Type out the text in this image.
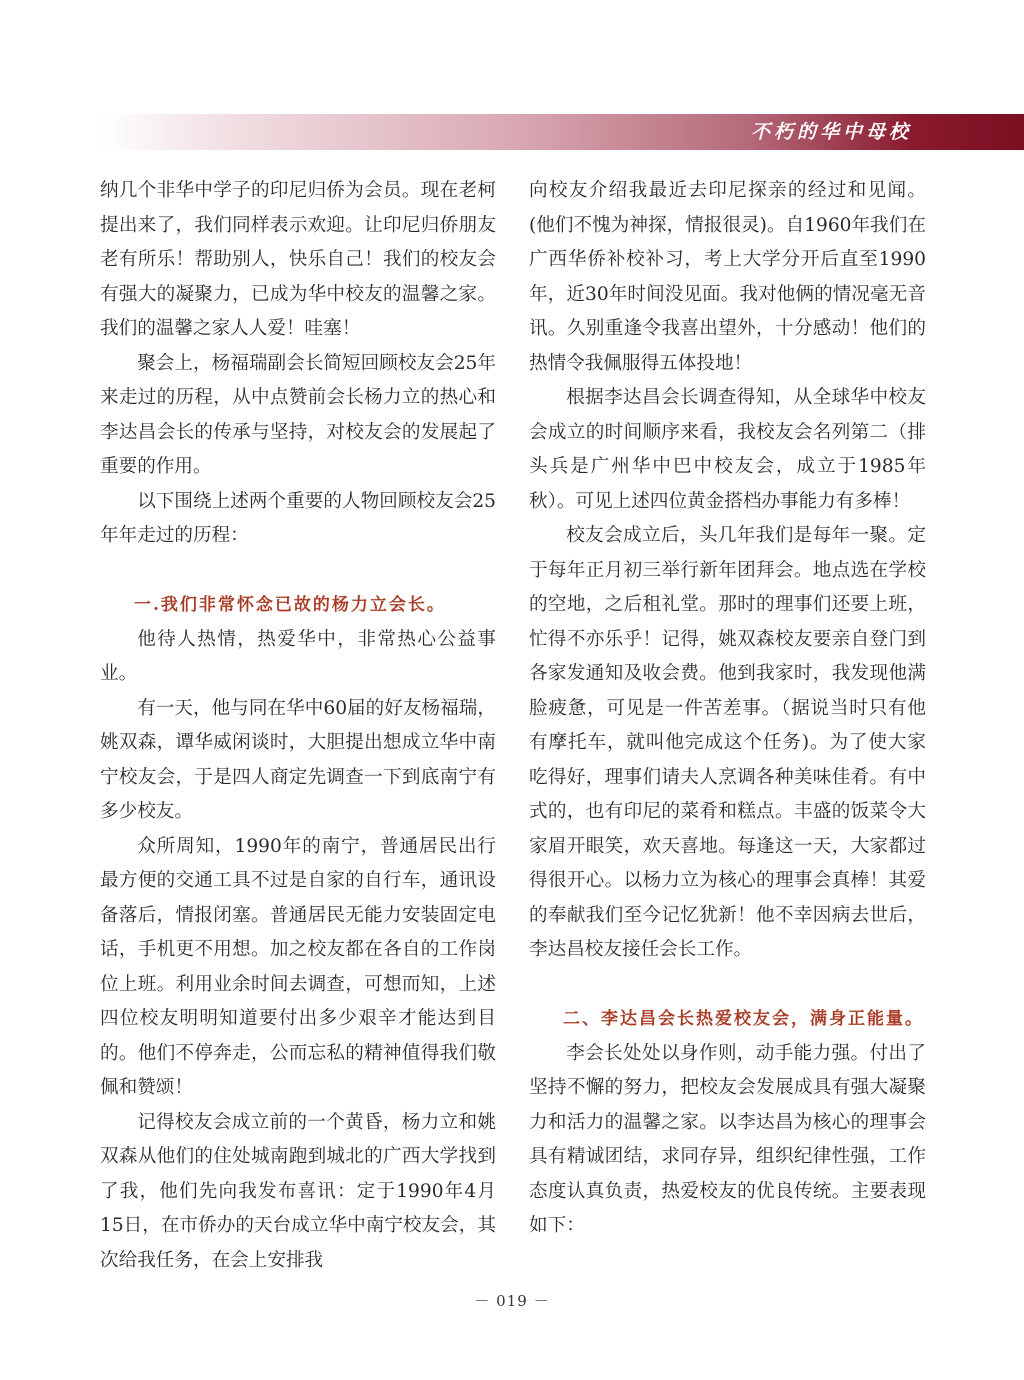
不朽的华中母校

纳几个非华中学子的印尼归侨为会员。现在老柯提出来了，我们同样表示欢迎。让印尼归侨朋友老有所乐！帮助别人，快乐自己！我们的校友会有强大的凝聚力，已成为华中校友的温馨之家。我们的温馨之家人人爱！哇塞！

聚会上，杨福瑞副会长简短回顾校友会25年来走过的历程，从中点赞前会长杨力立的热心和李达昌会长的传承与坚持，对校友会的发展起了重要的作用。

以下围绕上述两个重要的人物回顾校友会25年年走过的历程：

一.我们非常怀念已故的杨力立会长。

他待人热情，热爱华中，非常热心公益事业。

有一天，他与同在华中60届的好友杨福瑞，姚双森，谭华威闲谈时，大胆提出想成立华中南宁校友会，于是四人商定先调查一下到底南宁有多少校友。

众所周知，1990年的南宁，普通居民出行最方便的交通工具不过是自家的自行车，通讯设备落后，情报闭塞。普通居民无能力安装固定电话，手机更不用想。加之校友都在各自的工作岗位上班。利用业余时间去调查，可想而知，上述四位校友明明知道要付出多少艰辛才能达到目的。他们不停奔走，公而忘私的精神值得我们敬佩和赞颂！

记得校友会成立前的一个黄昏，杨力立和姚双森从他们的住处城南跑到城北的广西大学找到了我，他们先向我发布喜讯：定于1990年4月15日，在市侨办的天台成立华中南宁校友会，其次给我任务，在会上安排我

向校友介绍我最近去印尼探亲的经过和见闻。(他们不愧为神探，情报很灵)。自1960年我们在广西华侨补校补习，考上大学分开后直至1990年，近30年时间没见面。我对他俩的情况毫无音讯。久别重逢令我喜出望外，十分感动！他们的热情令我佩服得五体投地！

根据李达昌会长调查得知，从全球华中校友会成立的时间顺序来看，我校友会名列第二（排头兵是广州华中巴中校友会，成立于1985年秋）。可见上述四位黄金搭档办事能力有多棒！

校友会成立后，头几年我们是每年一聚。定于每年正月初三举行新年团拜会。地点选在学校的空地，之后租礼堂。那时的理事们还要上班，忙得不亦乐乎！记得，姚双森校友要亲自登门到各家发通知及收会费。他到我家时，我发现他满脸疲惫，可见是一件苦差事。（据说当时只有他有摩托车，就叫他完成这个任务)。为了使大家吃得好，理事们请夫人烹调各种美味佳肴。有中式的，也有印尼的菜肴和糕点。丰盛的饭菜令大家眉开眼笑，欢天喜地。每逢这一天，大家都过得很开心。以杨力立为核心的理事会真棒！其爱的奉献我们至今记忆犹新！他不幸因病去世后，李达昌校友接任会长工作。

二、李达昌会长热爱校友会，满身正能量。

李会长处处以身作则，动手能力强。付出了坚持不懈的努力，把校友会发展成具有强大凝聚力和活力的温馨之家。以李达昌为核心的理事会具有精诚团结，求同存异，组织纪律性强，工作态度认真负责，热爱校友的优良传统。主要表现如下：

－ 019 －
